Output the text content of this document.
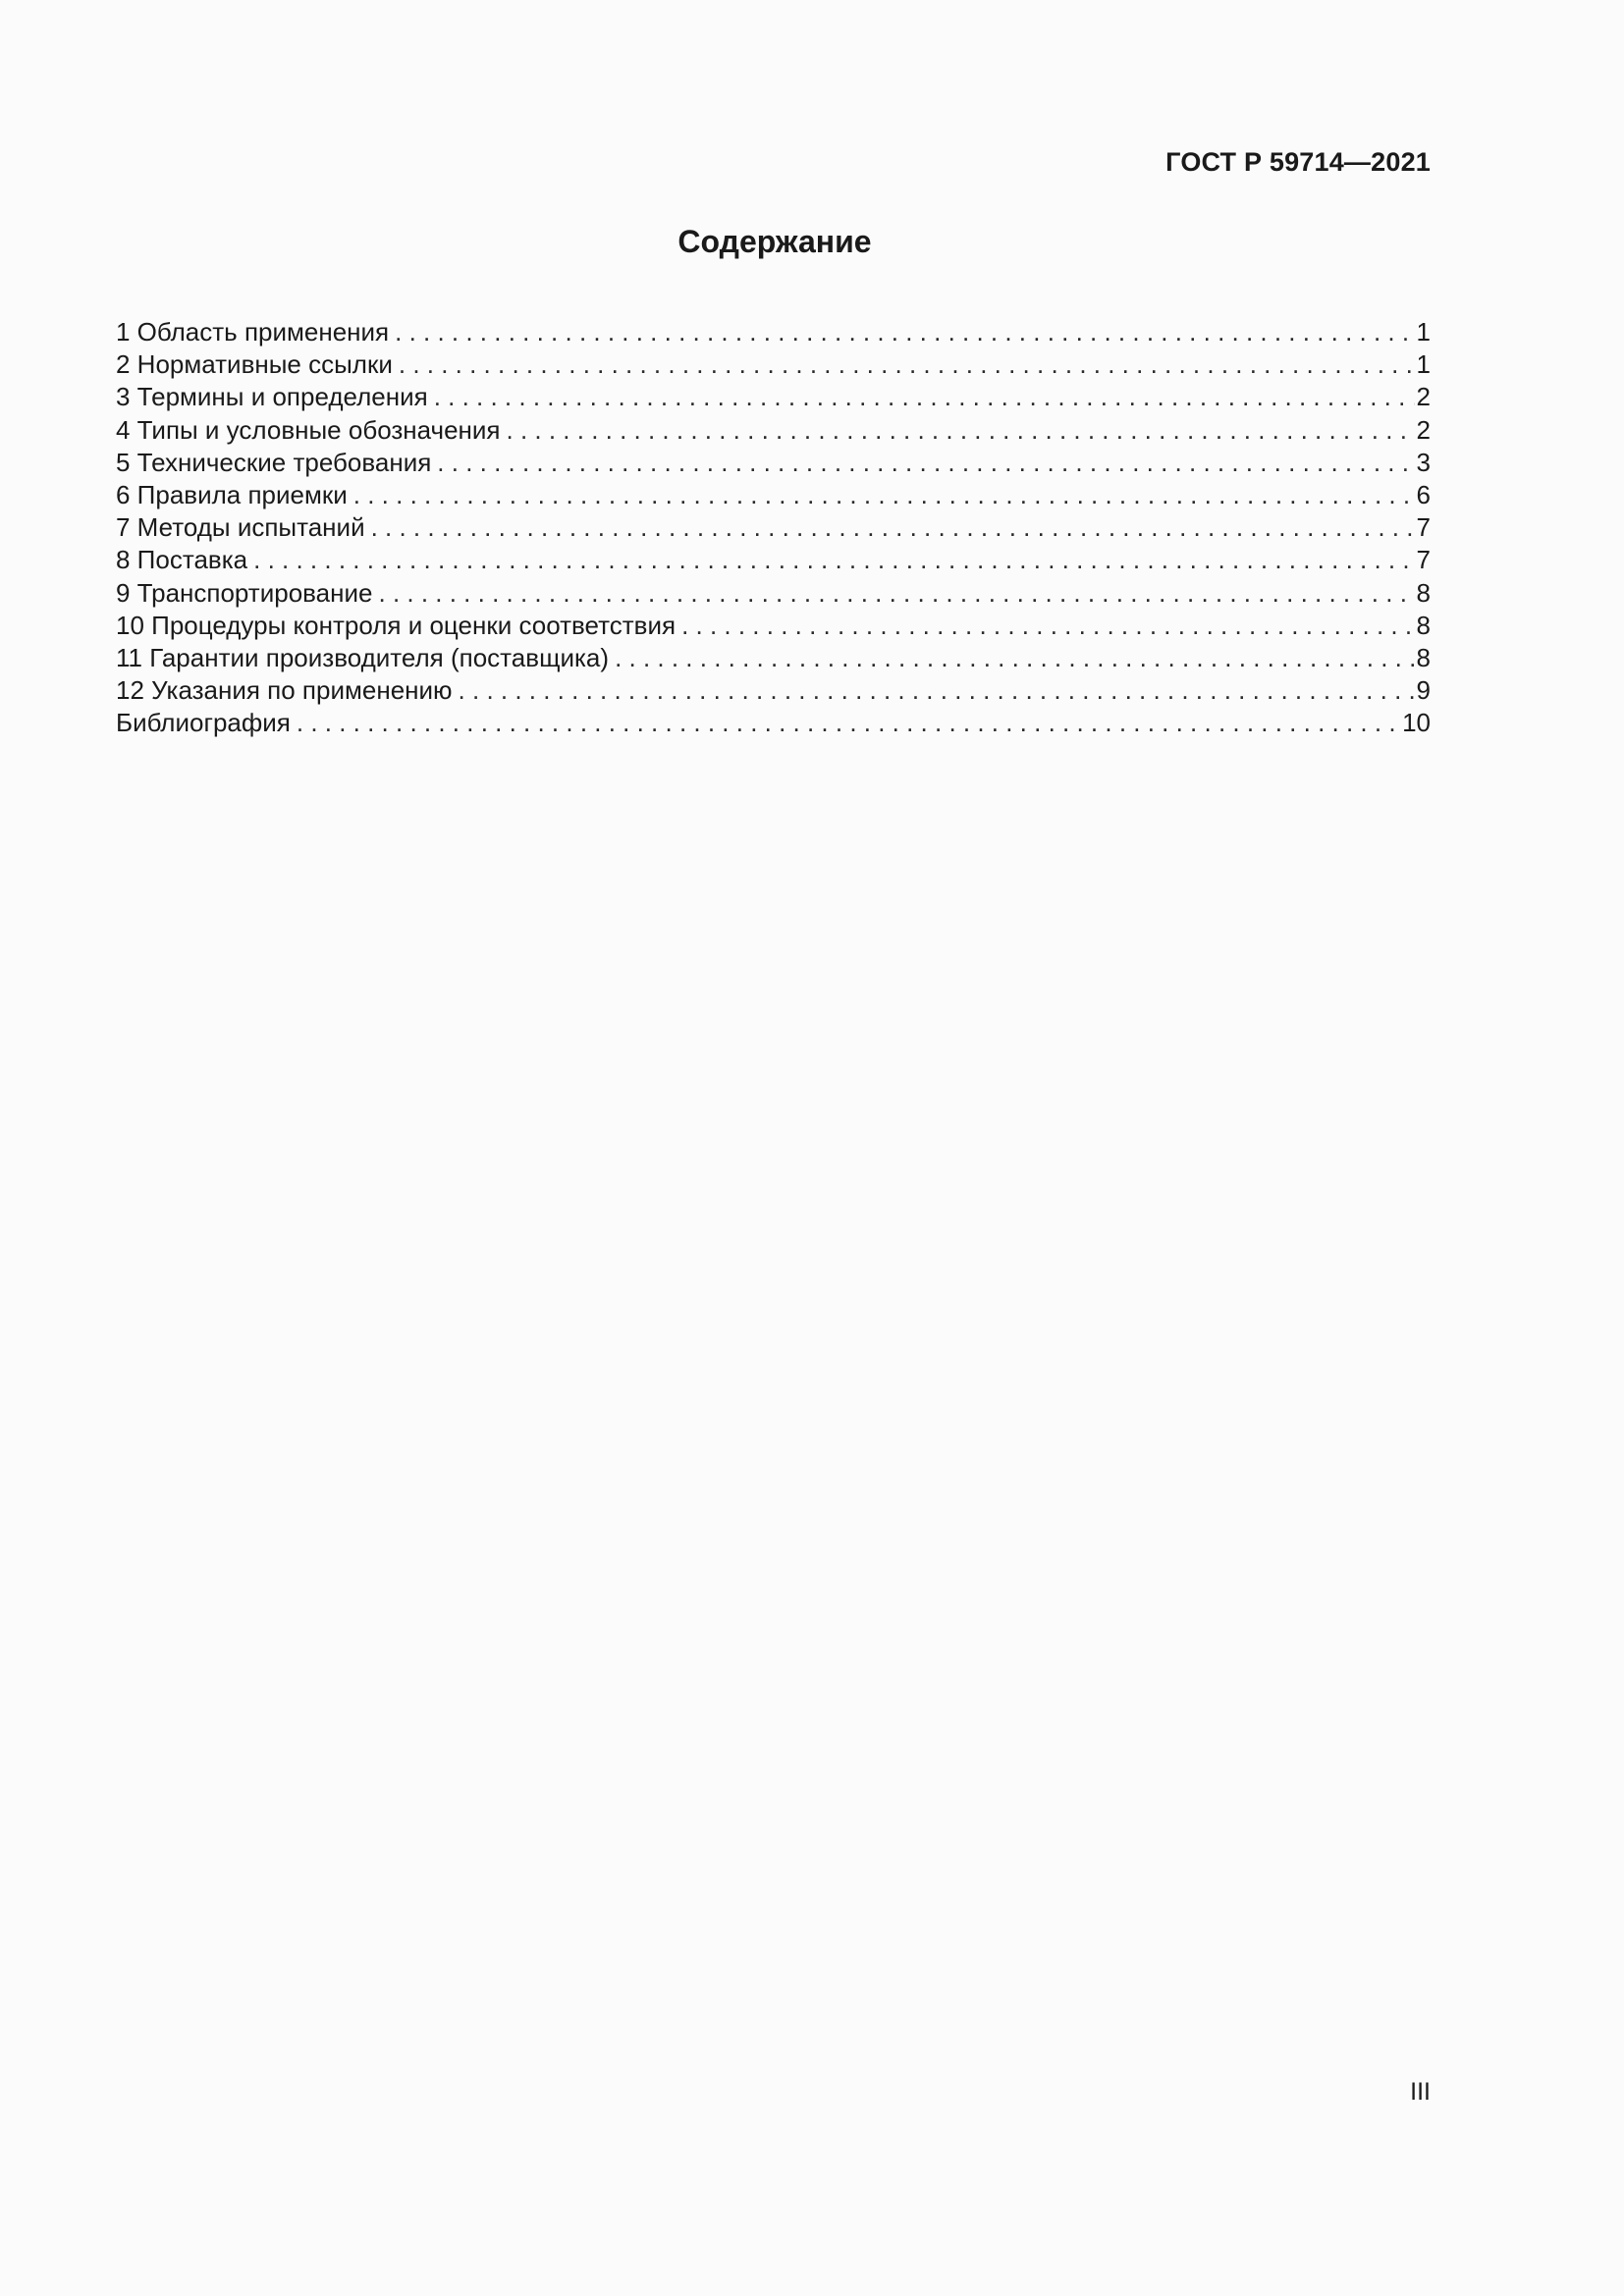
ГОСТ Р 59714—2021
Содержание
1 Область применения . . .	1
2 Нормативные ссылки . . .	1
3 Термины и определения . . .	2
4 Типы и условные обозначения . . .	2
5 Технические требования . . .	3
6 Правила приемки . . .	6
7 Методы испытаний . . .	7
8 Поставка . . .	7
9 Транспортирование . . .	8
10 Процедуры контроля и оценки соответствия . . .	8
11 Гарантии производителя (поставщика) . . .	8
12 Указания по применению . . .	9
Библиография . . .	10
III
